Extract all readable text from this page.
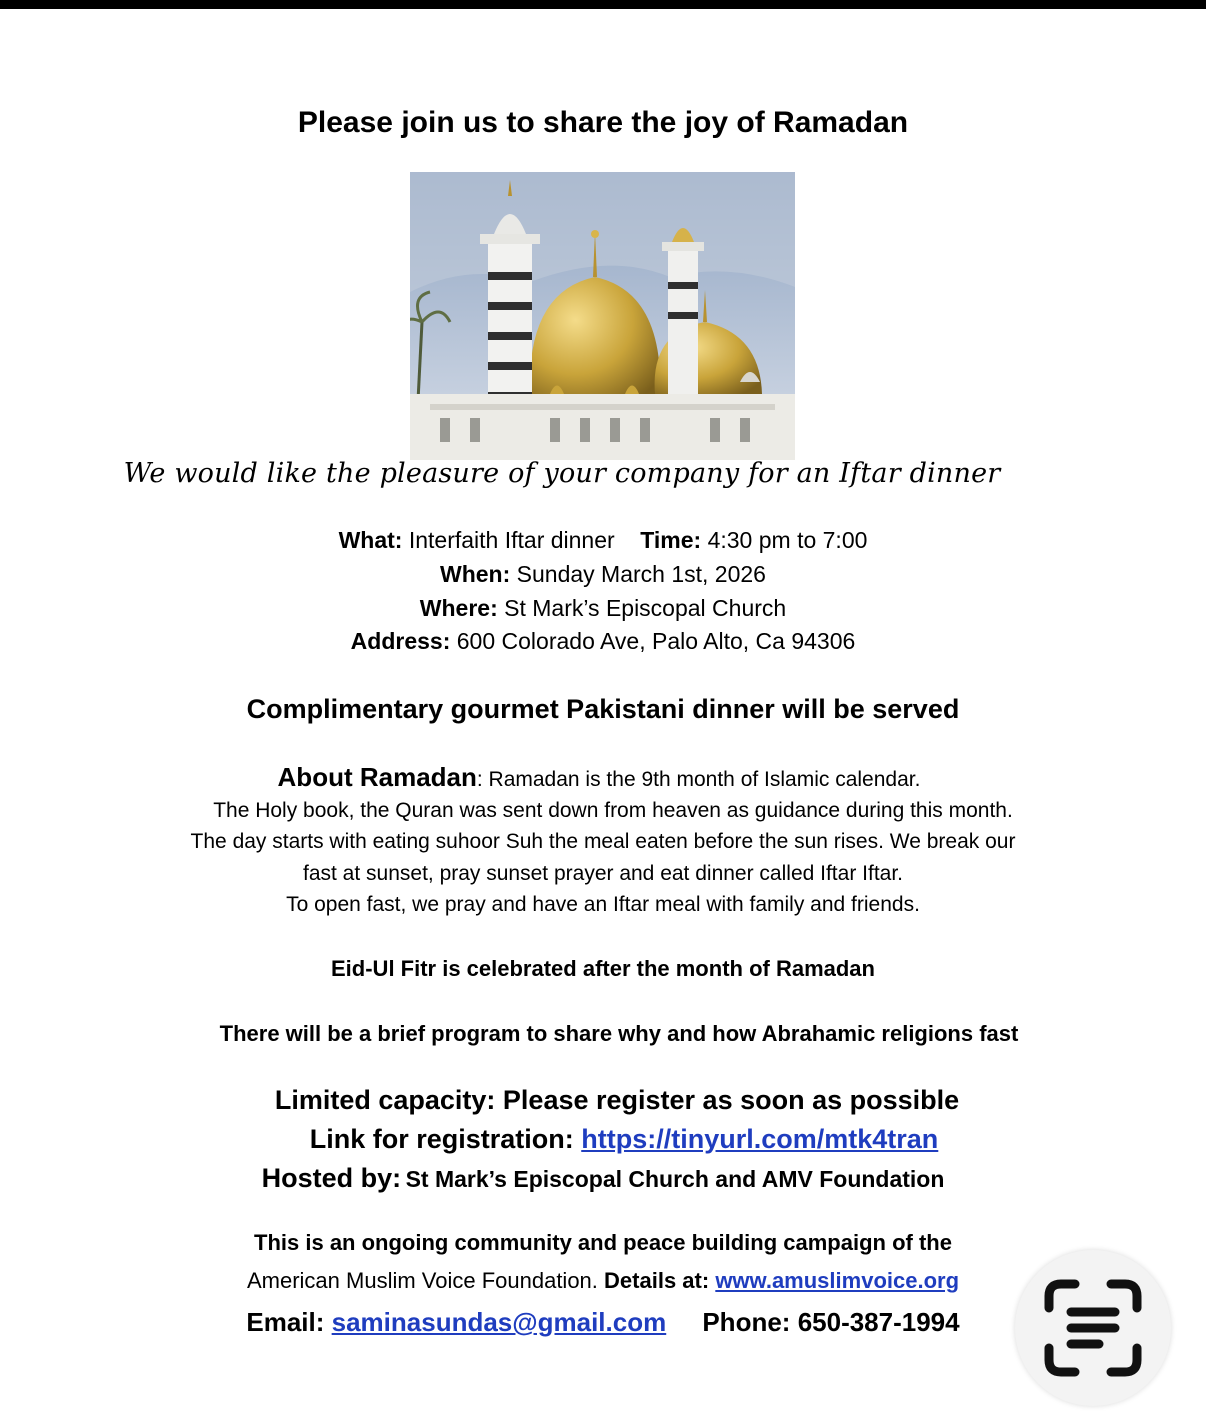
Please join us to share the joy of Ramadan
We would like the pleasure of your company for an Iftar dinner
What: Interfaith Iftar dinner Time: 4:30 pm to 7:00
When: Sunday March 1st, 2026
Where: St Mark’s Episcopal Church
Address: 600 Colorado Ave, Palo Alto, Ca 94306
Complimentary gourmet Pakistani dinner will be served
About Ramadan: Ramadan is the 9th month of Islamic calendar.
The Holy book, the Quran was sent down from heaven as guidance during this month.
The day starts with eating suhoor Suh the meal eaten before the sun rises. We break our
fast at sunset, pray sunset prayer and eat dinner called Iftar Iftar.
To open fast, we pray and have an Iftar meal with family and friends.
Eid-Ul Fitr is celebrated after the month of Ramadan
There will be a brief program to share why and how Abrahamic religions fast
Limited capacity: Please register as soon as possible
Link for registration: https://tinyurl.com/mtk4tran
Hosted by: St Mark’s Episcopal Church and AMV Foundation
This is an ongoing community and peace building campaign of the
American Muslim Voice Foundation. Details at: www.amuslimvoice.org
Email: saminasundas@gmail.com Phone: 650-387-1994
